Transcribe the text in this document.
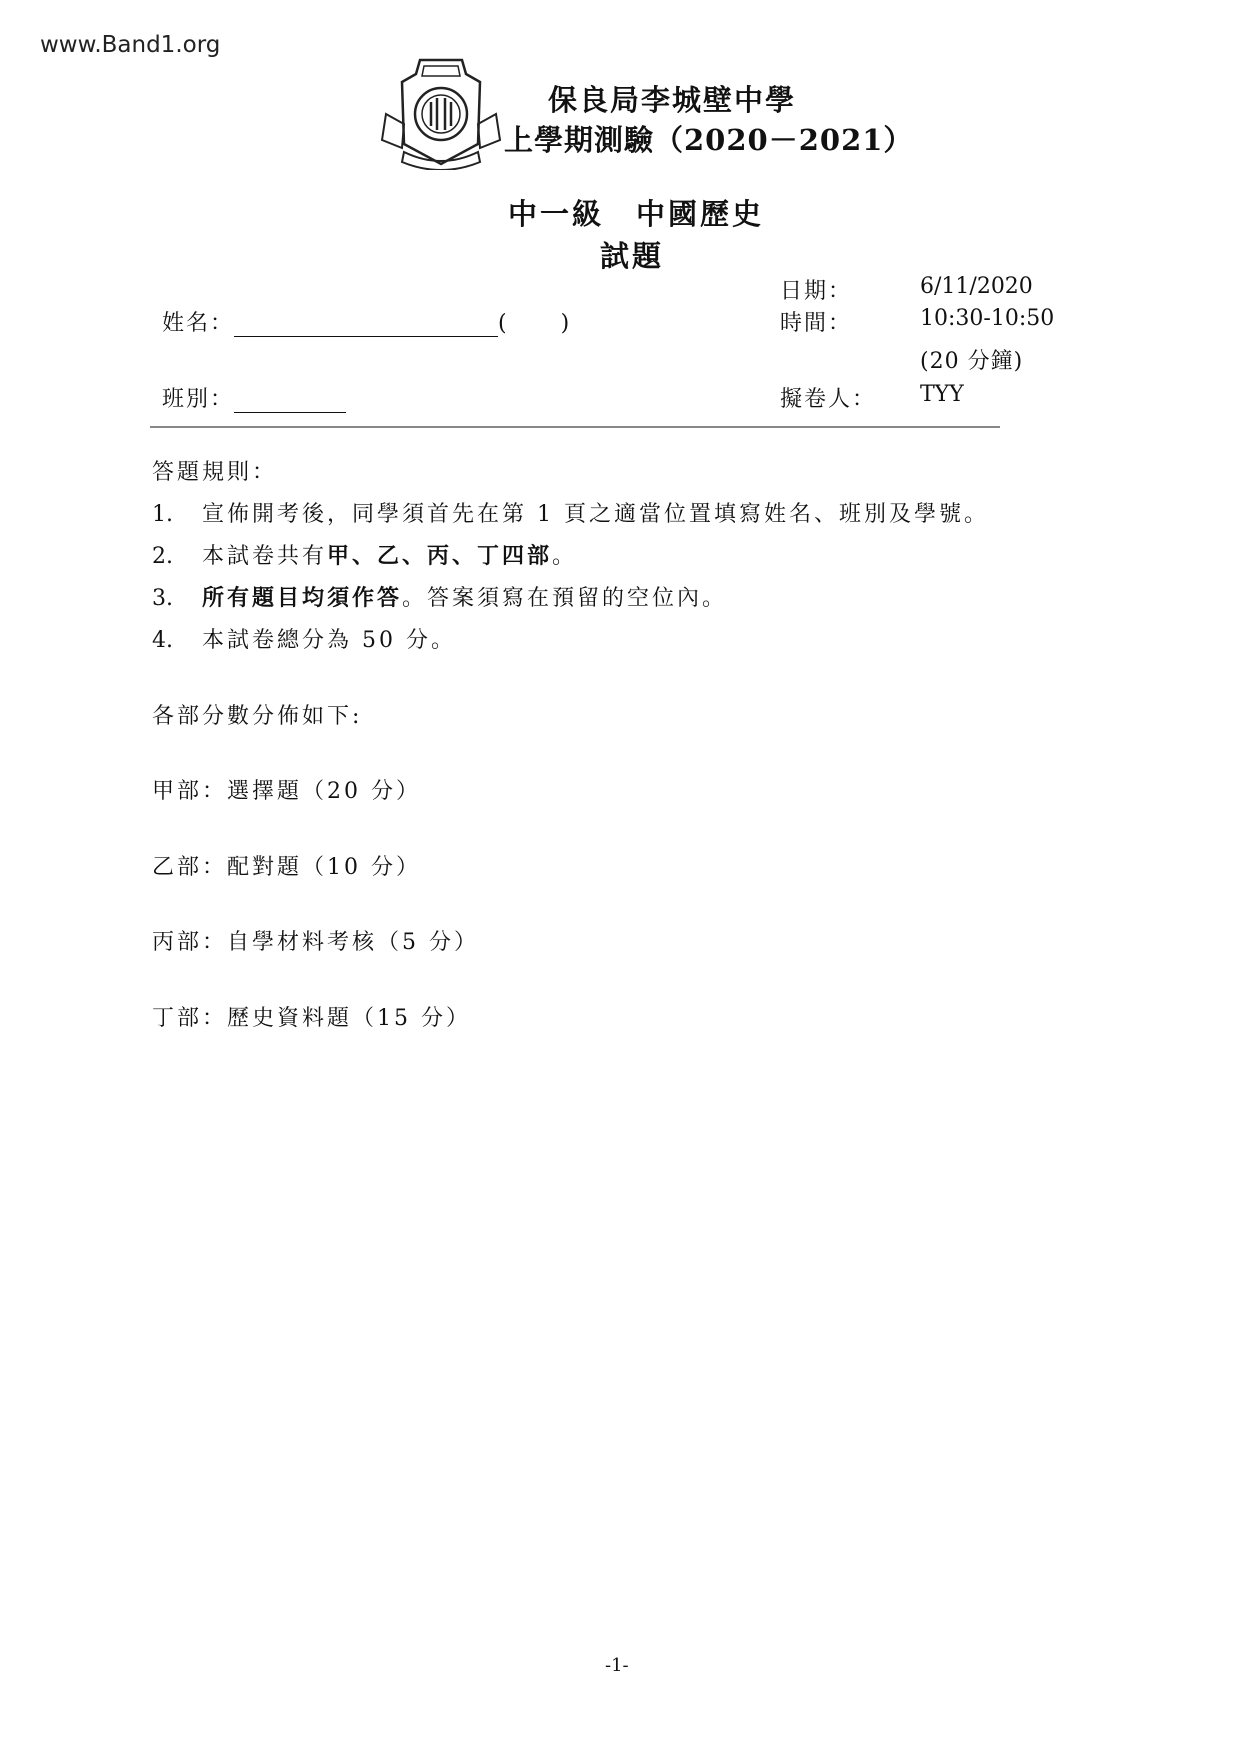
www.Band1.org
保良局李城壁中學
上學期測驗（2020－2021）
中一級　中國歷史
試題
姓名：	( )
班別：
日期：	6/11/2020
時間：	10:30-10:50
(20 分鐘)
擬卷人： TYY
答題規則：
1. 宣佈開考後，同學須首先在第 1 頁之適當位置填寫姓名、班別及學號。
2. 本試卷共有甲、乙、丙、丁四部。
3. 所有題目均須作答。答案須寫在預留的空位內。
4. 本試卷總分為 50 分。
各部分數分佈如下:
甲部：選擇題（20 分）
乙部：配對題（10 分）
丙部：自學材料考核（5 分）
丁部：歷史資料題（15 分）
-1-
